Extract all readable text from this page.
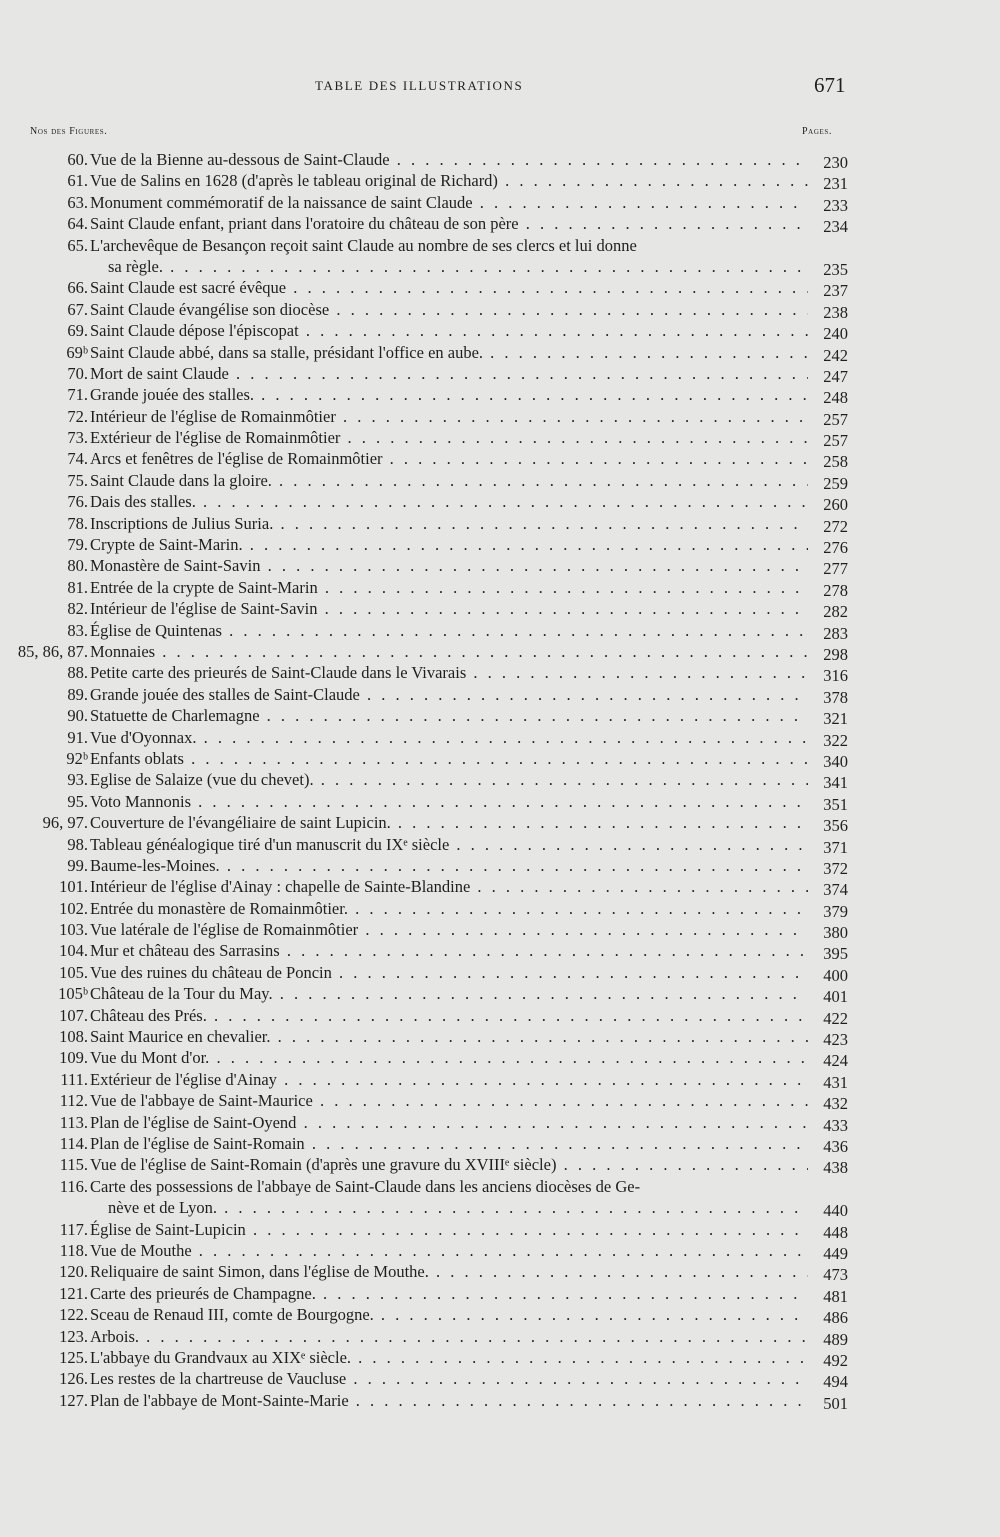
TABLE DES ILLUSTRATIONS	671
Nos des Figures.	Pages.
60. Vue de la Bienne au-dessous de Saint-Claude . . .	230
61. Vue de Salins en 1628 (d'après le tableau original de Richard) . . .	231
63. Monument commémoratif de la naissance de saint Claude . . .	233
64. Saint Claude enfant, priant dans l'oratoire du château de son père . . .	234
65. L'archevêque de Besançon reçoit saint Claude au nombre de ses clercs et lui donne
sa règle. . . .	235
66. Saint Claude est sacré évêque . . .	237
67. Saint Claude évangélise son diocèse . . .	238
69. Saint Claude dépose l'épiscopat . . .	240
69ᵇ Saint Claude abbé, dans sa stalle, présidant l'office en aube. . . .	242
70. Mort de saint Claude . . .	247
71. Grande jouée des stalles. . . .	248
72. Intérieur de l'église de Romainmôtier . . .	257
73. Extérieur de l'église de Romainmôtier . . .	257
74. Arcs et fenêtres de l'église de Romainmôtier . . .	258
75. Saint Claude dans la gloire. . . .	259
76. Dais des stalles. . . .	260
78. Inscriptions de Julius Suria. . . .	272
79. Crypte de Saint-Marin. . . .	276
80. Monastère de Saint-Savin . . .	277
81. Entrée de la crypte de Saint-Marin . . .	278
82. Intérieur de l'église de Saint-Savin . . .	282
83. Église de Quintenas . . .	283
85, 86, 87. Monnaies . . .	298
88. Petite carte des prieurés de Saint-Claude dans le Vivarais . . .	316
89. Grande jouée des stalles de Saint-Claude . . .	378
90. Statuette de Charlemagne . . .	321
91. Vue d'Oyonnax. . . .	322
92ᵇ Enfants oblats . . .	340
93. Eglise de Salaize (vue du chevet). . . .	341
95. Voto Mannonis . . .	351
96, 97. Couverture de l'évangéliaire de saint Lupicin. . . .	356
98. Tableau généalogique tiré d'un manuscrit du IXᵉ siècle . . .	371
99. Baume-les-Moines. . . .	372
101. Intérieur de l'église d'Ainay : chapelle de Sainte-Blandine . . .	374
102. Entrée du monastère de Romainmôtier. . . .	379
103. Vue latérale de l'église de Romainmôtier . . .	380
104. Mur et château des Sarrasins . . .	395
105. Vue des ruines du château de Poncin . . .	400
105ᵇ Château de la Tour du May. . . .	401
107. Château des Prés. . . .	422
108. Saint Maurice en chevalier. . . .	423
109. Vue du Mont d'or. . . .	424
111. Extérieur de l'église d'Ainay . . .	431
112. Vue de l'abbaye de Saint-Maurice . . .	432
113. Plan de l'église de Saint-Oyend . . .	433
114. Plan de l'église de Saint-Romain . . .	436
115. Vue de l'église de Saint-Romain (d'après une gravure du XVIIIᵉ siècle) . . .	438
116. Carte des possessions de l'abbaye de Saint-Claude dans les anciens diocèses de Ge-
nève et de Lyon. . . .	440
117. Église de Saint-Lupicin . . .	448
118. Vue de Mouthe . . .	449
120. Reliquaire de saint Simon, dans l'église de Mouthe. . . .	473
121. Carte des prieurés de Champagne. . . .	481
122. Sceau de Renaud III, comte de Bourgogne. . . .	486
123. Arbois. . . .	489
125. L'abbaye du Grandvaux au XIXᵉ siècle. . . .	492
126. Les restes de la chartreuse de Vaucluse . . .	494
127. Plan de l'abbaye de Mont-Sainte-Marie . . .	501
